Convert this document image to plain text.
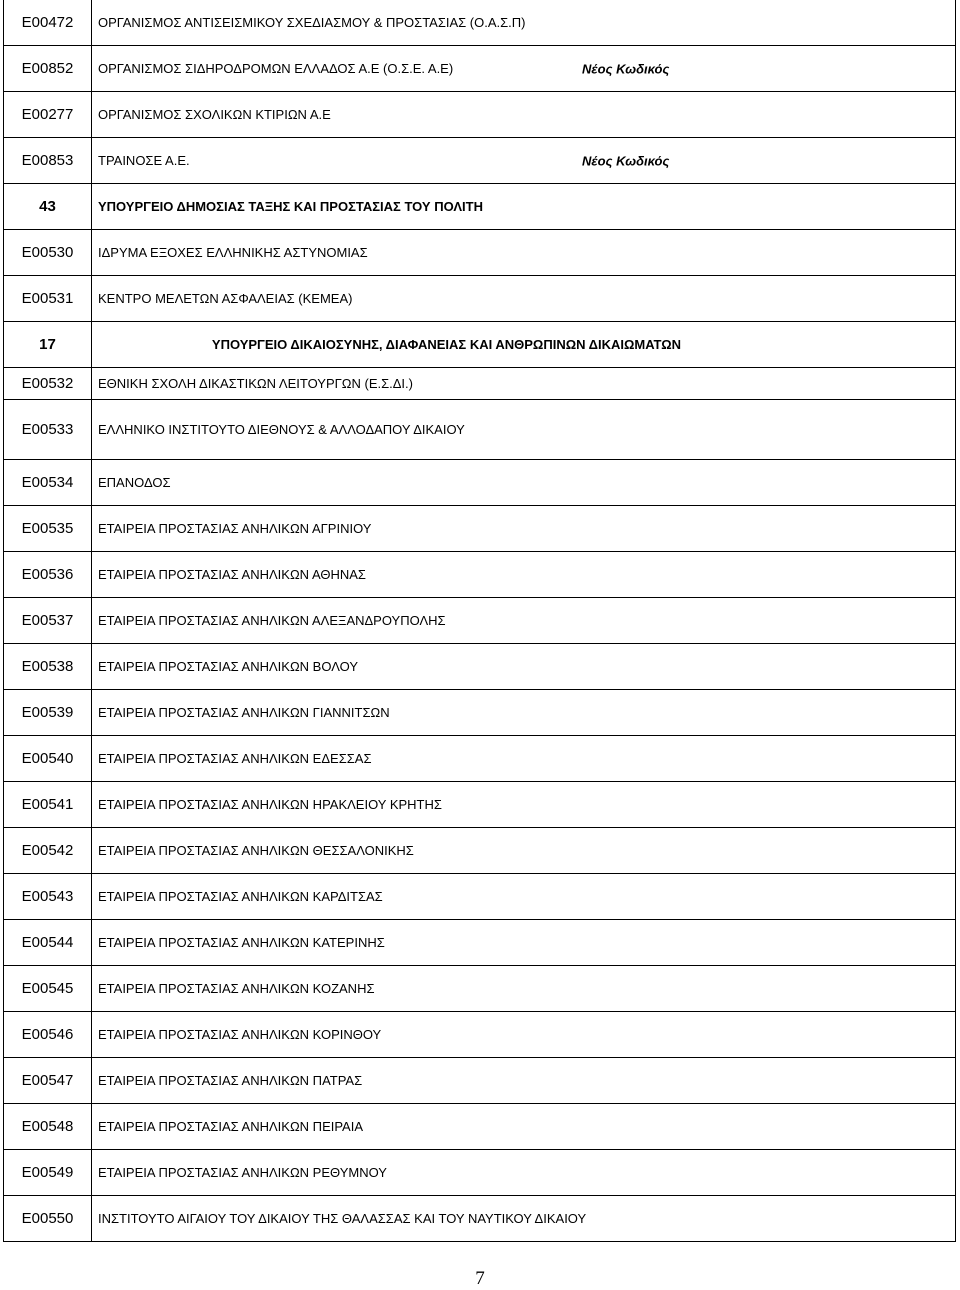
Ε00472	ΟΡΓΑΝΙΣΜΟΣ ΑΝΤΙΣΕΙΣΜΙΚΟΥ ΣΧΕΔΙΑΣΜΟΥ & ΠΡΟΣΤΑΣΙΑΣ (Ο.Α.Σ.Π)
Ε00852	ΟΡΓΑΝΙΣΜΟΣ ΣΙΔΗΡΟΔΡΟΜΩΝ ΕΛΛΑΔΟΣ Α.Ε (Ο.Σ.Ε. Α.Ε) Νέος Κωδικός

Ε00277	ΟΡΓΑΝΙΣΜΟΣ ΣΧΟΛΙΚΩΝ ΚΤΙΡΙΩΝ Α.Ε
Ε00853	ΤΡΑΙΝΟΣΕ Α.Ε. Νέος Κωδικός

43	ΥΠΟΥΡΓΕΙΟ ΔΗΜΟΣΙΑΣ ΤΑΞΗΣ ΚΑΙ ΠΡΟΣΤΑΣΙΑΣ ΤΟΥ ΠΟΛΙΤΗ
Ε00530	ΙΔΡΥΜΑ ΕΞΟΧΕΣ ΕΛΛΗΝΙΚΗΣ ΑΣΤΥΝΟΜΙΑΣ
Ε00531	ΚΕΝΤΡΟ ΜΕΛΕΤΩΝ ΑΣΦΑΛΕΙΑΣ (ΚΕΜΕΑ)
17	ΥΠΟΥΡΓΕΙΟ ΔΙΚΑΙΟΣΥΝΗΣ, ΔΙΑΦΑΝΕΙΑΣ ΚΑΙ ΑΝΘΡΩΠΙΝΩΝ ΔΙΚΑΙΩΜΑΤΩΝ
Ε00532	ΕΘΝΙΚΗ ΣΧΟΛΗ ΔΙΚΑΣΤΙΚΩΝ ΛΕΙΤΟΥΡΓΩΝ (Ε.Σ.ΔΙ.)
Ε00533	ΕΛΛΗΝΙΚΟ ΙΝΣΤΙΤΟΥΤΟ ΔΙΕΘΝΟΥΣ & ΑΛΛΟΔΑΠΟΥ ΔΙΚΑΙΟΥ
Ε00534	ΕΠΑΝΟΔΟΣ
Ε00535	ΕΤΑΙΡΕΙΑ ΠΡΟΣΤΑΣΙΑΣ ΑΝΗΛΙΚΩΝ ΑΓΡΙΝΙΟΥ
Ε00536	ΕΤΑΙΡΕΙΑ ΠΡΟΣΤΑΣΙΑΣ ΑΝΗΛΙΚΩΝ ΑΘΗΝΑΣ
Ε00537	ΕΤΑΙΡΕΙΑ ΠΡΟΣΤΑΣΙΑΣ ΑΝΗΛΙΚΩΝ ΑΛΕΞΑΝΔΡΟΥΠΟΛΗΣ
Ε00538	ΕΤΑΙΡΕΙΑ ΠΡΟΣΤΑΣΙΑΣ ΑΝΗΛΙΚΩΝ ΒΟΛΟΥ
Ε00539	ΕΤΑΙΡΕΙΑ ΠΡΟΣΤΑΣΙΑΣ ΑΝΗΛΙΚΩΝ ΓΙΑΝΝΙΤΣΩΝ
Ε00540	ΕΤΑΙΡΕΙΑ ΠΡΟΣΤΑΣΙΑΣ ΑΝΗΛΙΚΩΝ ΕΔΕΣΣΑΣ
Ε00541	ΕΤΑΙΡΕΙΑ ΠΡΟΣΤΑΣΙΑΣ ΑΝΗΛΙΚΩΝ ΗΡΑΚΛΕΙΟΥ ΚΡΗΤΗΣ
Ε00542	ΕΤΑΙΡΕΙΑ ΠΡΟΣΤΑΣΙΑΣ ΑΝΗΛΙΚΩΝ ΘΕΣΣΑΛΟΝΙΚΗΣ
Ε00543	ΕΤΑΙΡΕΙΑ ΠΡΟΣΤΑΣΙΑΣ ΑΝΗΛΙΚΩΝ ΚΑΡΔΙΤΣΑΣ
Ε00544	ΕΤΑΙΡΕΙΑ ΠΡΟΣΤΑΣΙΑΣ ΑΝΗΛΙΚΩΝ ΚΑΤΕΡΙΝΗΣ
Ε00545	ΕΤΑΙΡΕΙΑ ΠΡΟΣΤΑΣΙΑΣ ΑΝΗΛΙΚΩΝ ΚΟΖΑΝΗΣ
Ε00546	ΕΤΑΙΡΕΙΑ ΠΡΟΣΤΑΣΙΑΣ ΑΝΗΛΙΚΩΝ ΚΟΡΙΝΘΟΥ
Ε00547	ΕΤΑΙΡΕΙΑ ΠΡΟΣΤΑΣΙΑΣ ΑΝΗΛΙΚΩΝ ΠΑΤΡΑΣ
Ε00548	ΕΤΑΙΡΕΙΑ ΠΡΟΣΤΑΣΙΑΣ ΑΝΗΛΙΚΩΝ ΠΕΙΡΑΙΑ
Ε00549	ΕΤΑΙΡΕΙΑ ΠΡΟΣΤΑΣΙΑΣ ΑΝΗΛΙΚΩΝ ΡΕΘΥΜΝΟΥ
Ε00550	ΙΝΣΤΙΤΟΥΤΟ ΑΙΓΑΙΟΥ ΤΟΥ ΔΙΚΑΙΟΥ ΤΗΣ ΘΑΛΑΣΣΑΣ ΚΑΙ ΤΟΥ ΝΑΥΤΙΚΟΥ ΔΙΚΑΙΟΥ
7
